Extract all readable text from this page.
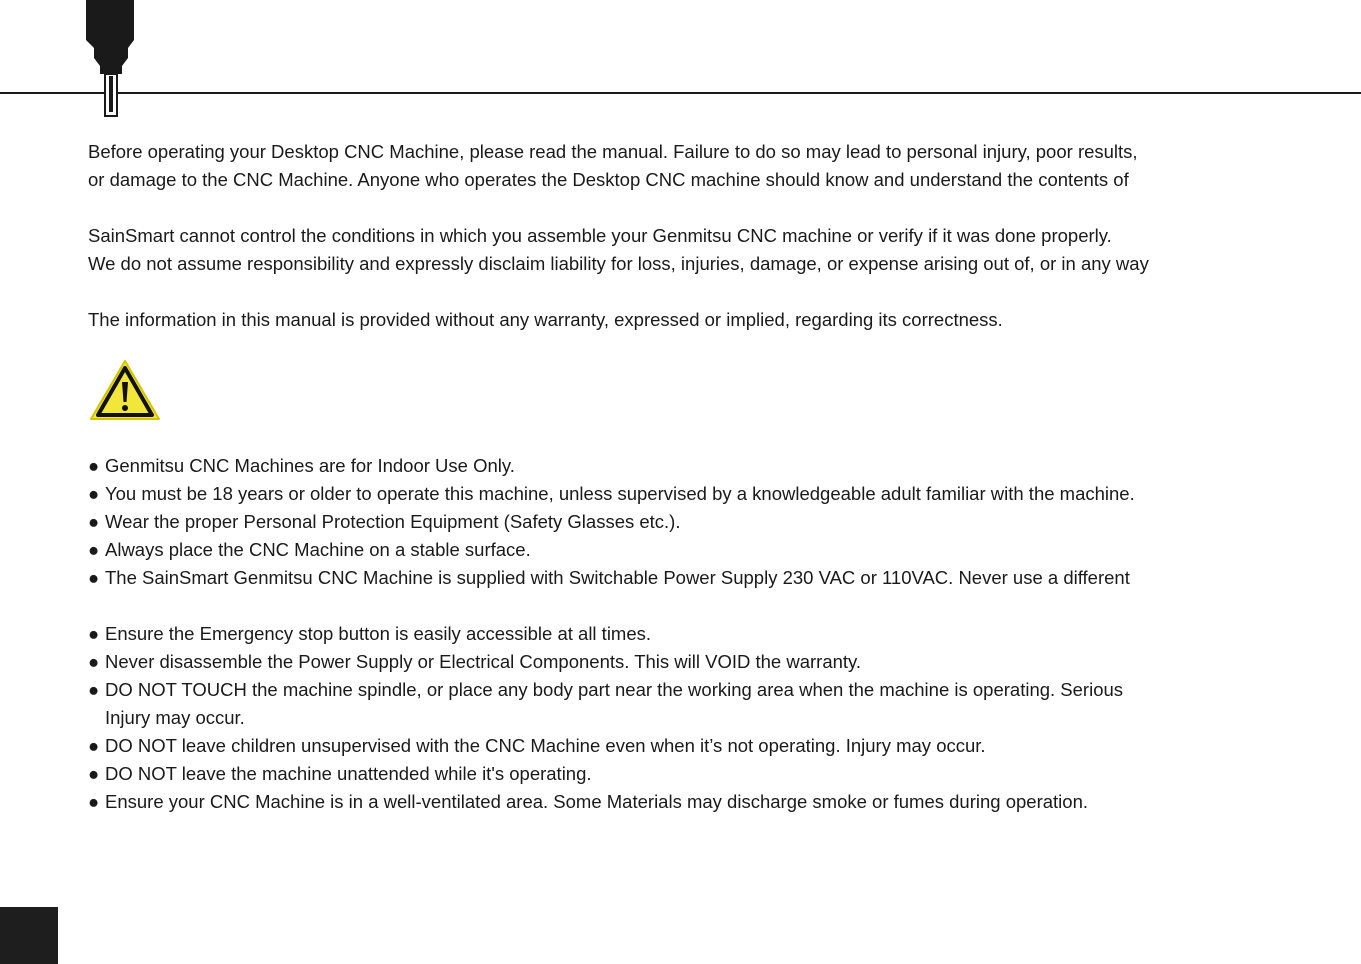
Before operating your Desktop CNC Machine, please read the manual. Failure to do so may lead to personal injury, poor results,
or damage to the CNC Machine. Anyone who operates the Desktop CNC machine should know and understand the contents of
SainSmart cannot control the conditions in which you assemble your Genmitsu CNC machine or verify if it was done properly.
We do not assume responsibility and expressly disclaim liability for loss, injuries, damage, or expense arising out of, or in any way
The information in this manual is provided without any warranty, expressed or implied, regarding its correctness.
● Genmitsu CNC Machines are for Indoor Use Only.
● You must be 18 years or older to operate this machine, unless supervised by a knowledgeable adult familiar with the machine.
● Wear the proper Personal Protection Equipment (Safety Glasses etc.).
● Always place the CNC Machine on a stable surface.
● The SainSmart Genmitsu CNC Machine is supplied with Switchable Power Supply 230 VAC or 110VAC. Never use a different
● Ensure the Emergency stop button is easily accessible at all times.
● Never disassemble the Power Supply or Electrical Components. This will VOID the warranty.
● DO NOT TOUCH the machine spindle, or place any body part near the working area when the machine is operating. Serious
Injury may occur.
● DO NOT leave children unsupervised with the CNC Machine even when it’s not operating. Injury may occur.
● DO NOT leave the machine unattended while it's operating.
● Ensure your CNC Machine is in a well-ventilated area. Some Materials may discharge smoke or fumes during operation.
